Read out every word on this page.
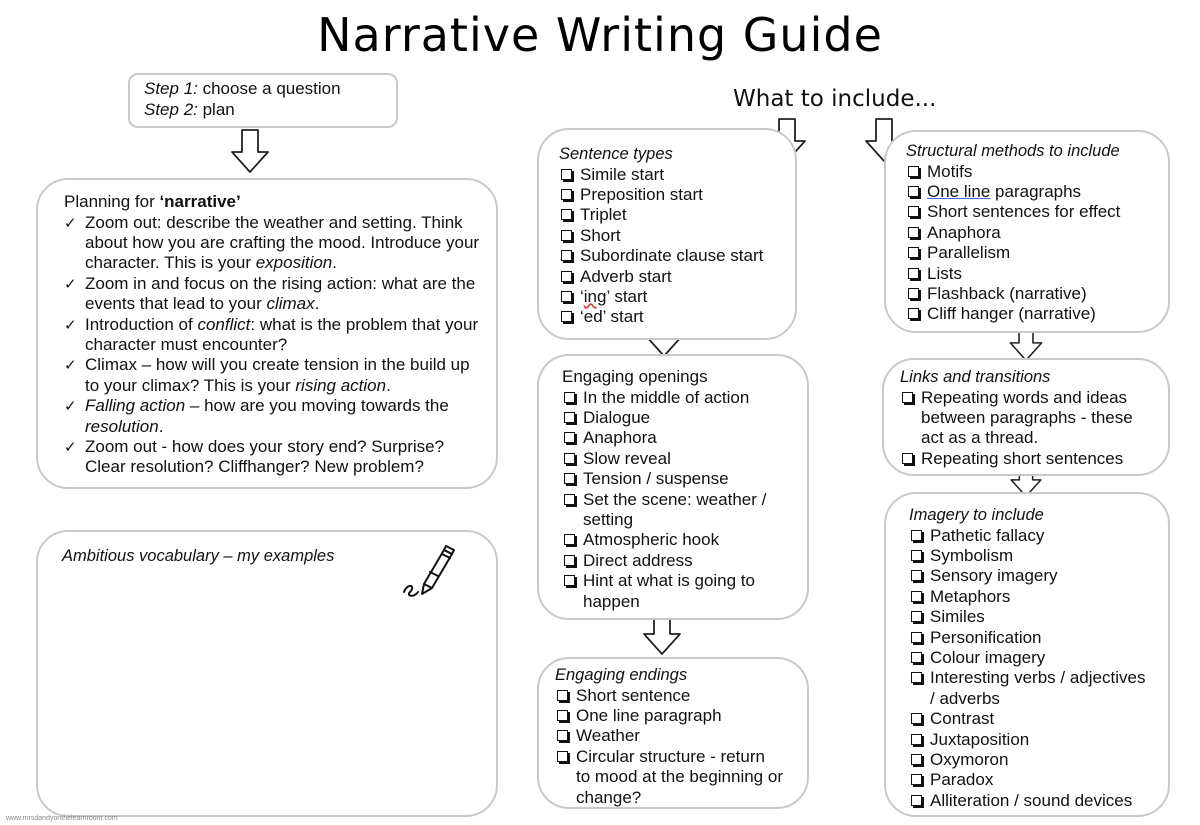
Narrative Writing Guide
What to include...
Step 1: choose a question
Step 2: plan
Planning for ‘narrative’
✓ Zoom out: describe the weather and setting. Think about how you are crafting the mood. Introduce your character. This is your exposition.
✓ Zoom in and focus on the rising action: what are the events that lead to your climax.
✓ Introduction of conflict: what is the problem that your character must encounter?
✓ Climax – how will you create tension in the build up to your climax? This is your rising action.
✓ Falling action – how are you moving towards the resolution.
✓ Zoom out - how does your story end? Surprise? Clear resolution? Cliffhanger? New problem?
Ambitious vocabulary – my examples
Sentence types
Simile start
Preposition start
Triplet
Short
Subordinate clause start
Adverb start
‘ing’ start
‘ed’ start
Engaging openings
In the middle of action
Dialogue
Anaphora
Slow reveal
Tension / suspense
Set the scene: weather / setting
Atmospheric hook
Direct address
Hint at what is going to happen
Engaging endings
Short sentence
One line paragraph
Weather
Circular structure - return to mood at the beginning or change?
Structural methods to include
Motifs
One line paragraphs
Short sentences for effect
Anaphora
Parallelism
Lists
Flashback (narrative)
Cliff hanger (narrative)
Links and transitions
Repeating words and ideas between paragraphs - these act as a thread.
Repeating short sentences
Imagery to include
Pathetic fallacy
Symbolism
Sensory imagery
Metaphors
Similes
Personification
Colour imagery
Interesting verbs / adjectives / adverbs
Contrast
Juxtaposition
Oxymoron
Paradox
Alliteration / sound devices
www.mrsdandyonthelearnroom.com
